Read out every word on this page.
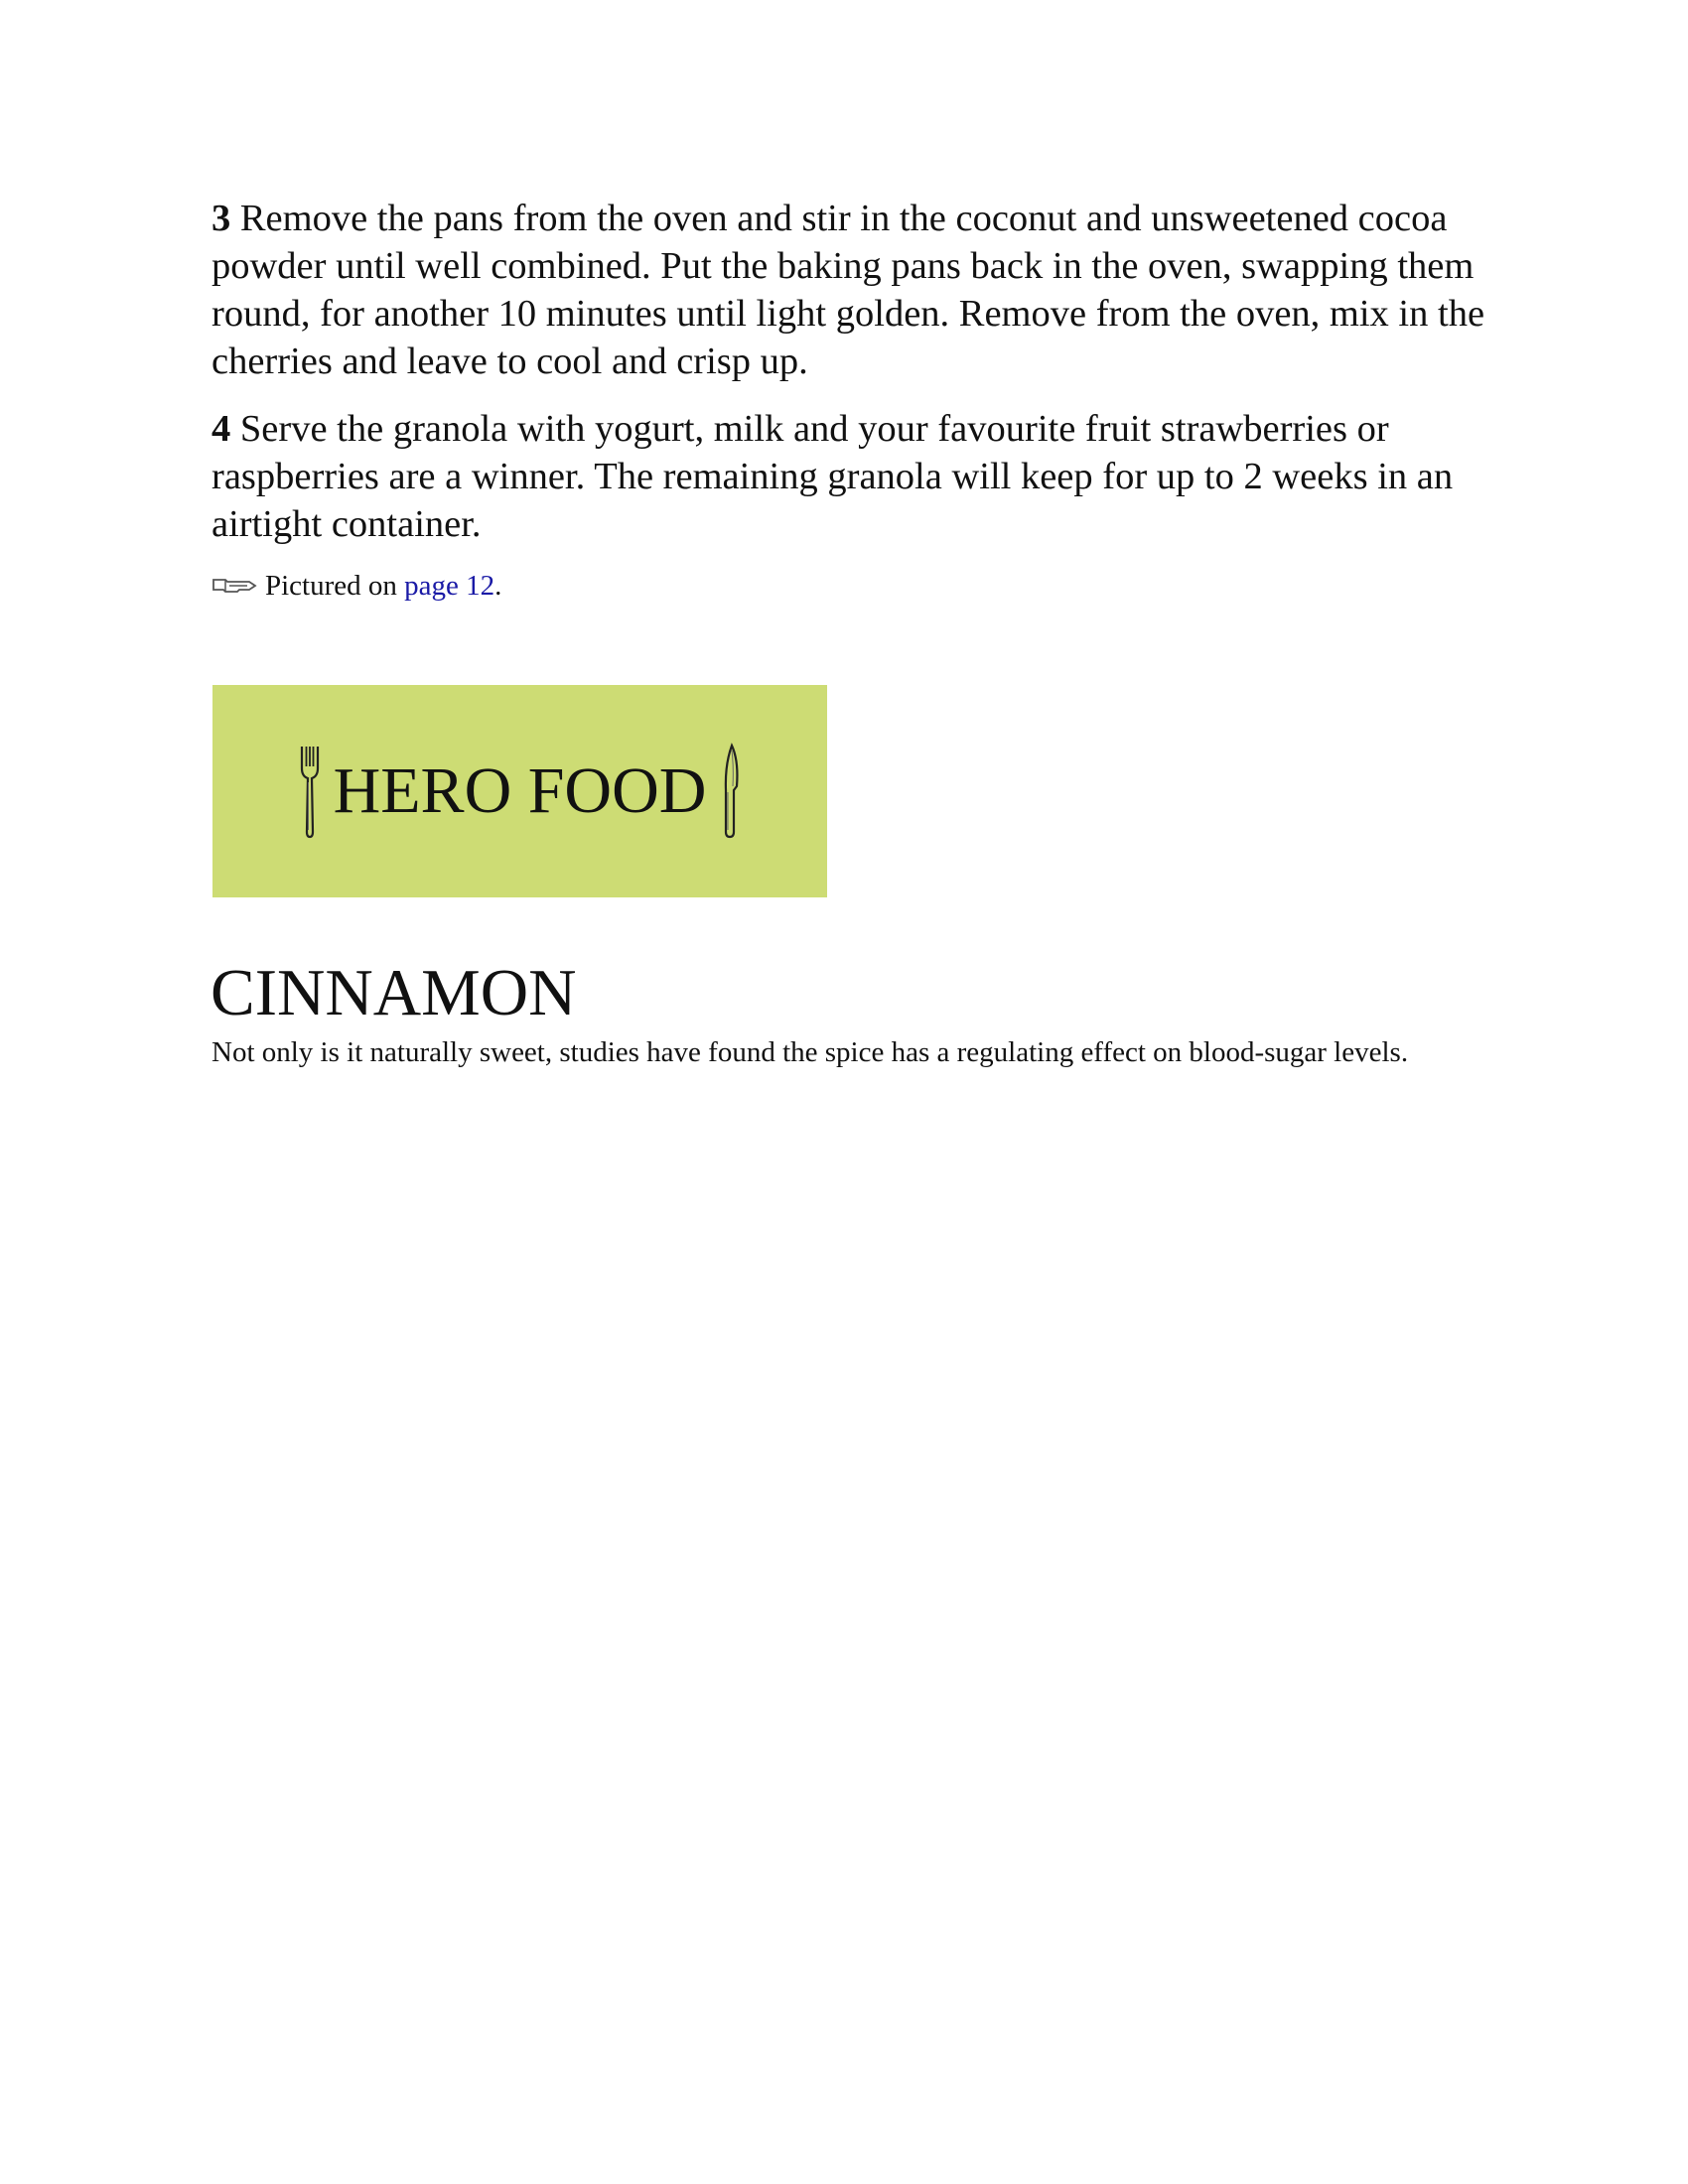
3 Remove the pans from the oven and stir in the coconut and unsweetened cocoa powder until well combined. Put the baking pans back in the oven, swapping them round, for another 10 minutes until light golden. Remove from the oven, mix in the cherries and leave to cool and crisp up.

4 Serve the granola with yogurt, milk and your favourite fruit strawberries or raspberries are a winner. The remaining granola will keep for up to 2 weeks in an airtight container.

Pictured on
page 12 .
HERO FOOD
CINNAMON

Not only is it naturally sweet, studies have found the spice has a regulating effect on blood-sugar levels.
